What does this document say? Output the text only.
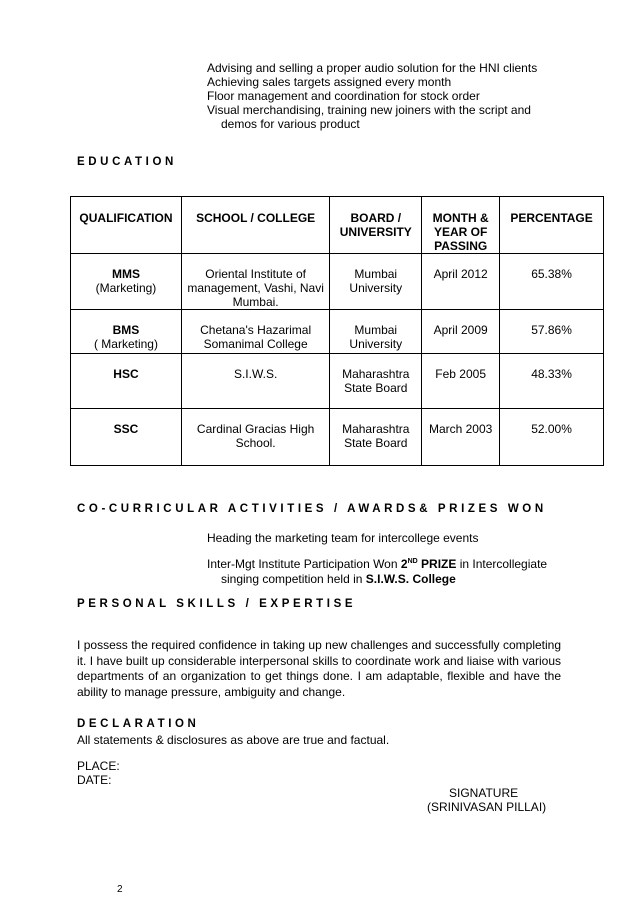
Advising and selling a proper audio solution for the HNI clients
Achieving sales targets assigned every month
Floor management and coordination for stock order
Visual merchandising, training new joiners with the script and
demos for various product
EDUCATION
QUALIFICATION	SCHOOL / COLLEGE	BOARD / UNIVERSITY	MONTH & YEAR OF PASSING	PERCENTAGE

MMS
(Marketing)	Oriental Institute of management, Vashi, Navi Mumbai.	Mumbai University	April 2012	65.38%

BMS
( Marketing)	Chetana's Hazarimal Somanimal College	Mumbai University	April 2009	57.86%

HSC	S.I.W.S.	Maharashtra State Board	Feb 2005	48.33%

SSC	Cardinal Gracias High School.	Maharashtra State Board	March 2003	52.00%
CO-CURRICULAR ACTIVITIES / AWARDS& PRIZES WON
Heading the marketing team for intercollege events
Inter-Mgt Institute Participation Won 2ND PRIZE in Intercollegiate
singing competition held in S.I.W.S. College
PERSONAL SKILLS / EXPERTISE
I possess the required confidence in taking up new challenges and successfully completing it. I have built up considerable interpersonal skills to coordinate work and liaise with various departments of an organization to get things done. I am adaptable, flexible and have the ability to manage pressure, ambiguity and change.
DECLARATION
All statements & disclosures as above are true and factual.
PLACE:
DATE:
SIGNATURE
(SRINIVASAN PILLAI)
2
